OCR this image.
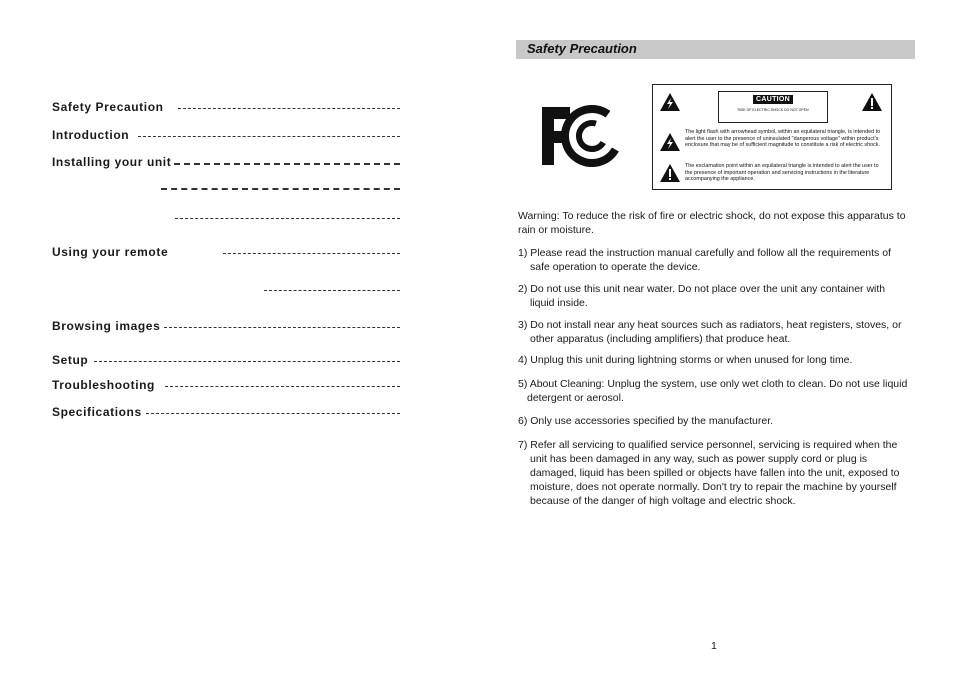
Safety Precaution
Introduction
Installing your unit
Using your remote
Browsing images
Setup
Troubleshooting
Specifications
Safety Precaution
CAUTION
RISK OF ELECTRIC SHOCK DO NOT OPEN
The light flash with arrowhead symbol, within an equilateral triangle, is intended to alert the user to the presence of uninsulated "dangerous voltage" within product's enclosure that may be of sufficient magnitude to constitute a risk of electric shock.
The exclamation point within an equilateral triangle is intended to alert the user to the presence of important operation and servicing instructions in the literature accompanying the appliance.
Warning: To reduce the risk of fire or electric shock, do not expose this apparatus to rain or moisture.
1) Please read the instruction manual carefully and follow all the requirements of
safe operation to operate the device.
2) Do not use this unit near water. Do not place over the unit any container with
liquid inside.
3) Do not install near any heat sources such as radiators, heat registers, stoves, or
other apparatus (including amplifiers) that produce heat.
4) Unplug this unit during lightning storms or when unused for long time.
5) About Cleaning: Unplug the system, use only wet cloth to clean. Do not use liquid
detergent or aerosol.
6) Only use accessories specified by the manufacturer.
7) Refer all servicing to qualified service personnel, servicing is required when the
unit has been damaged in any way, such as power supply cord or plug is damaged, liquid has been spilled or objects have fallen into the unit, exposed to moisture, does not operate normally. Don't try to repair the machine by yourself because of the danger of high voltage and electric shock.
1
